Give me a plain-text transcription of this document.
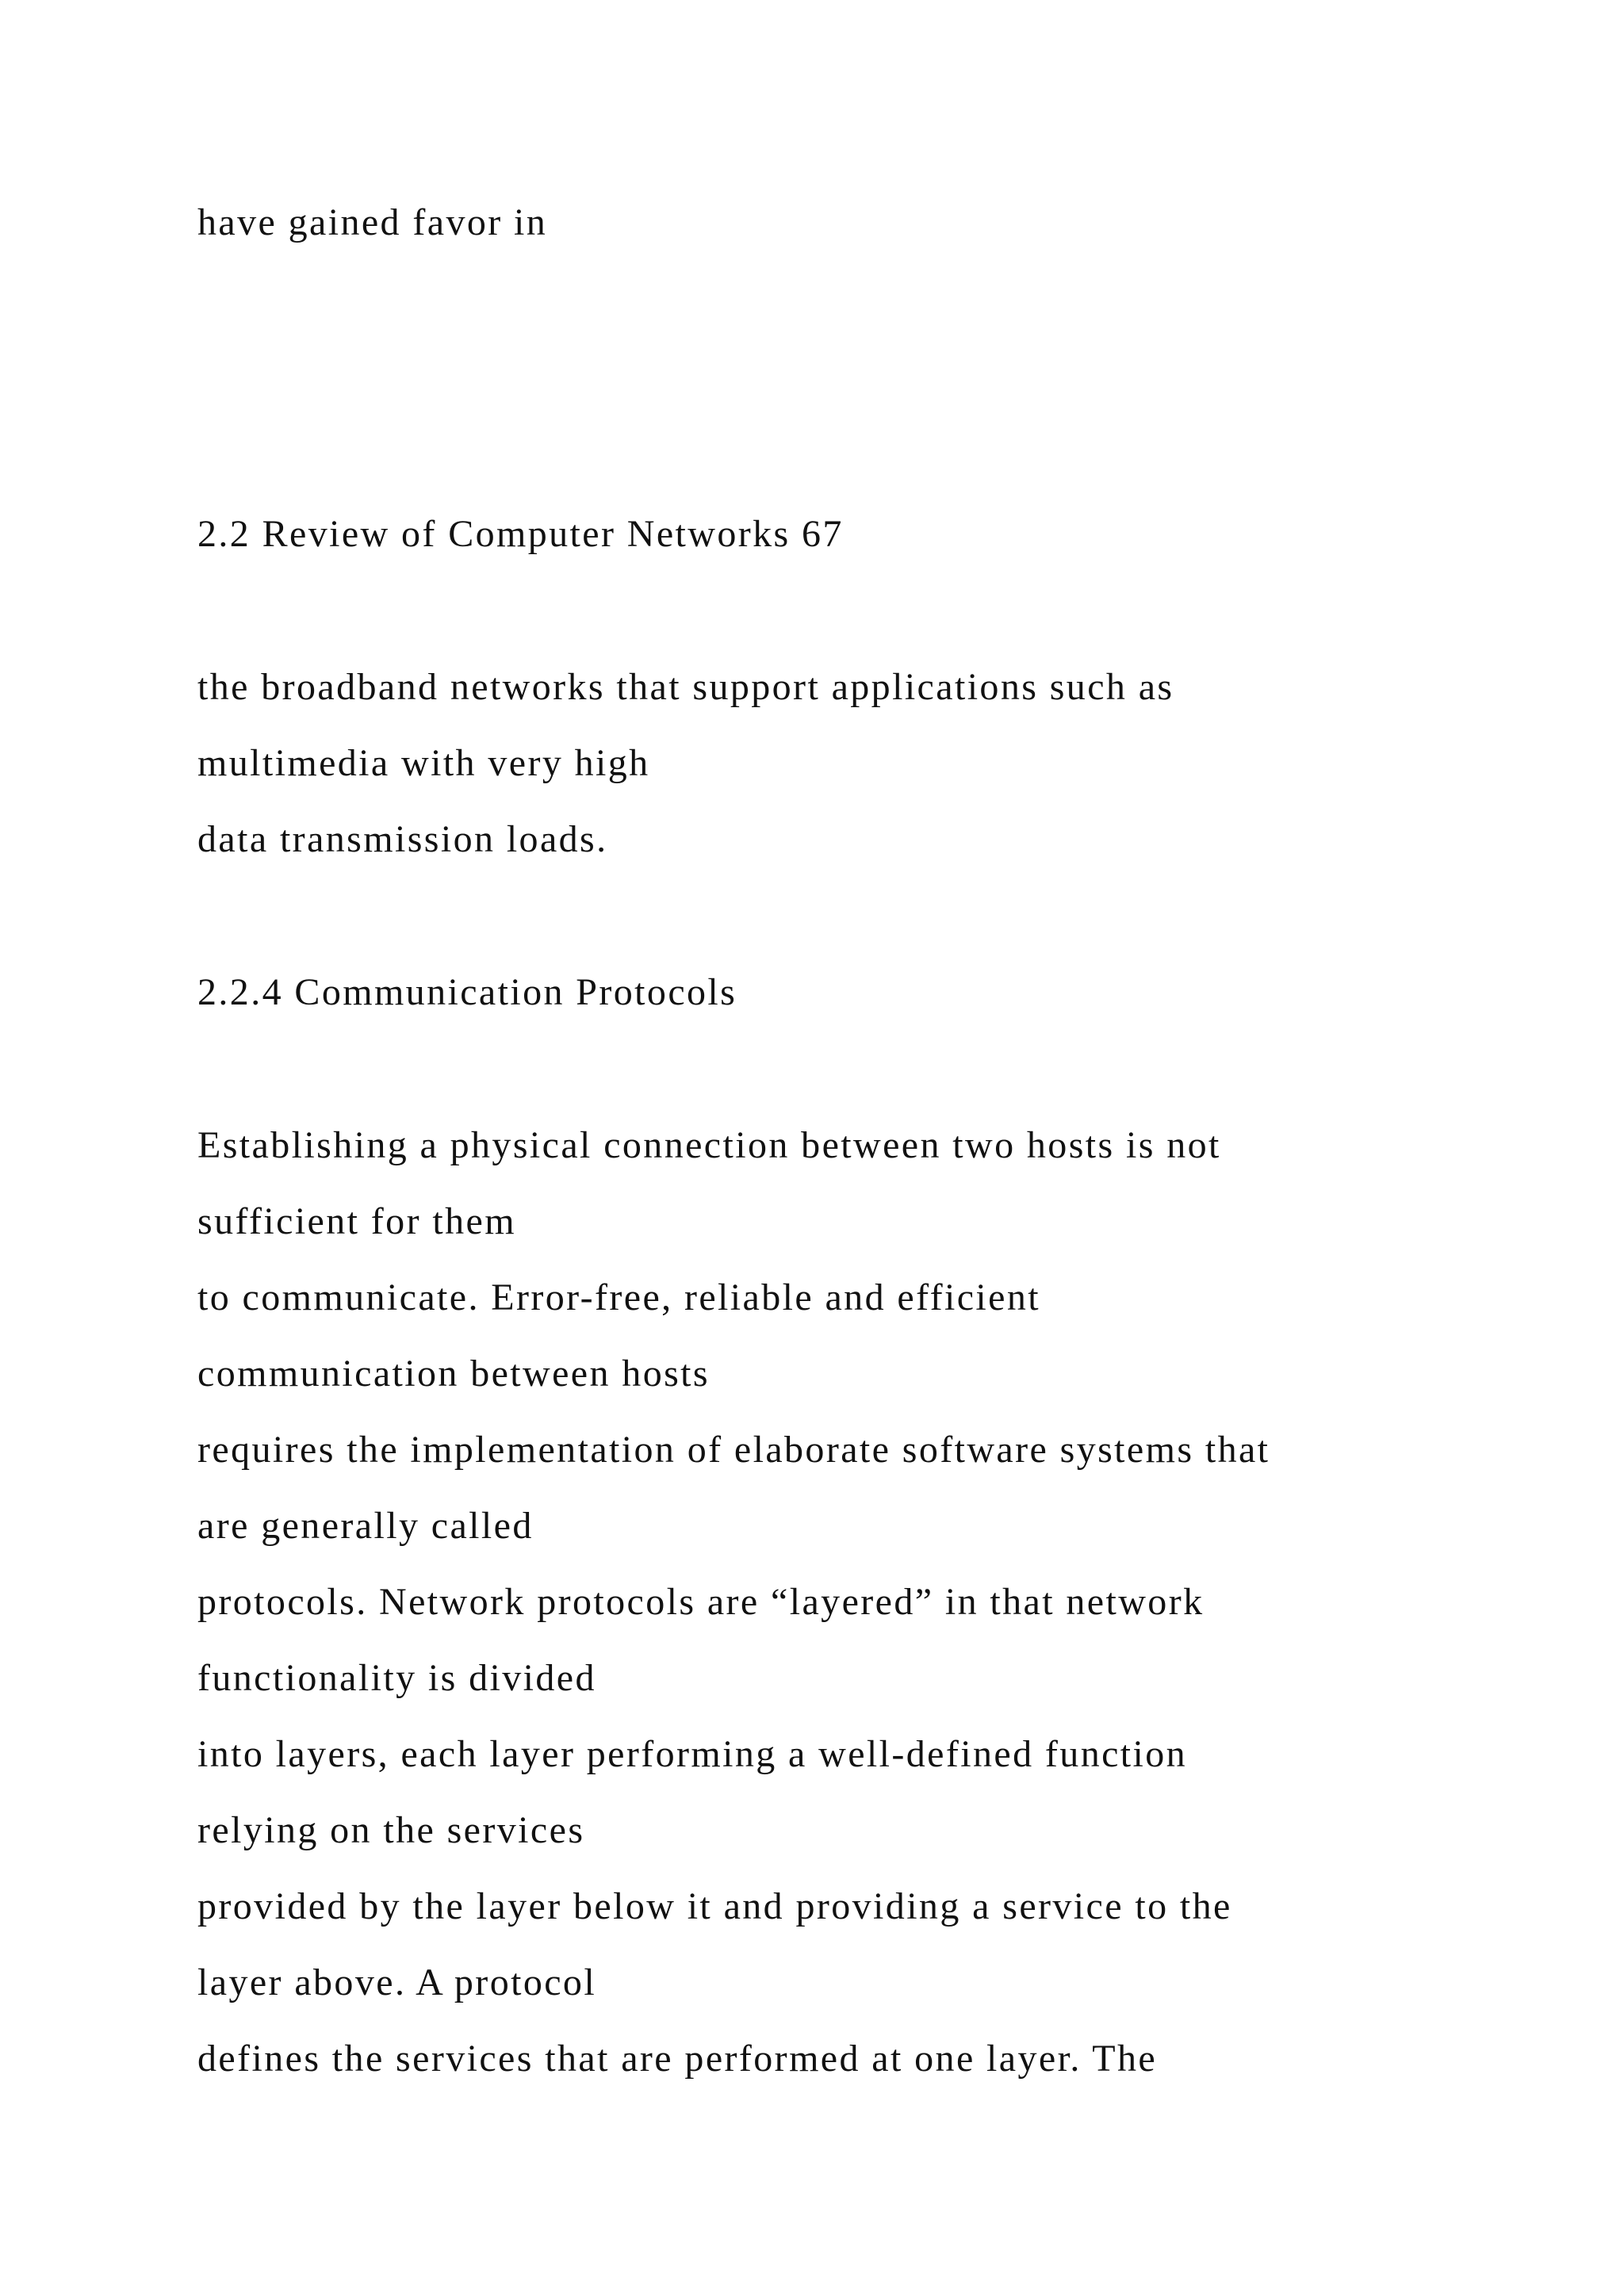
have gained favor in
2.2 Review of Computer Networks 67
the broadband networks that support applications such as
multimedia with very high
data transmission loads.
2.2.4 Communication Protocols
Establishing a physical connection between two hosts is not
sufficient for them
to communicate. Error-free, reliable and efficient
communication between hosts
requires the implementation of elaborate software systems that
are generally called
protocols. Network protocols are “layered” in that network
functionality is divided
into layers, each layer performing a well-defined function
relying on the services
provided by the layer below it and providing a service to the
layer above. A protocol
defines the services that are performed at one layer. The
